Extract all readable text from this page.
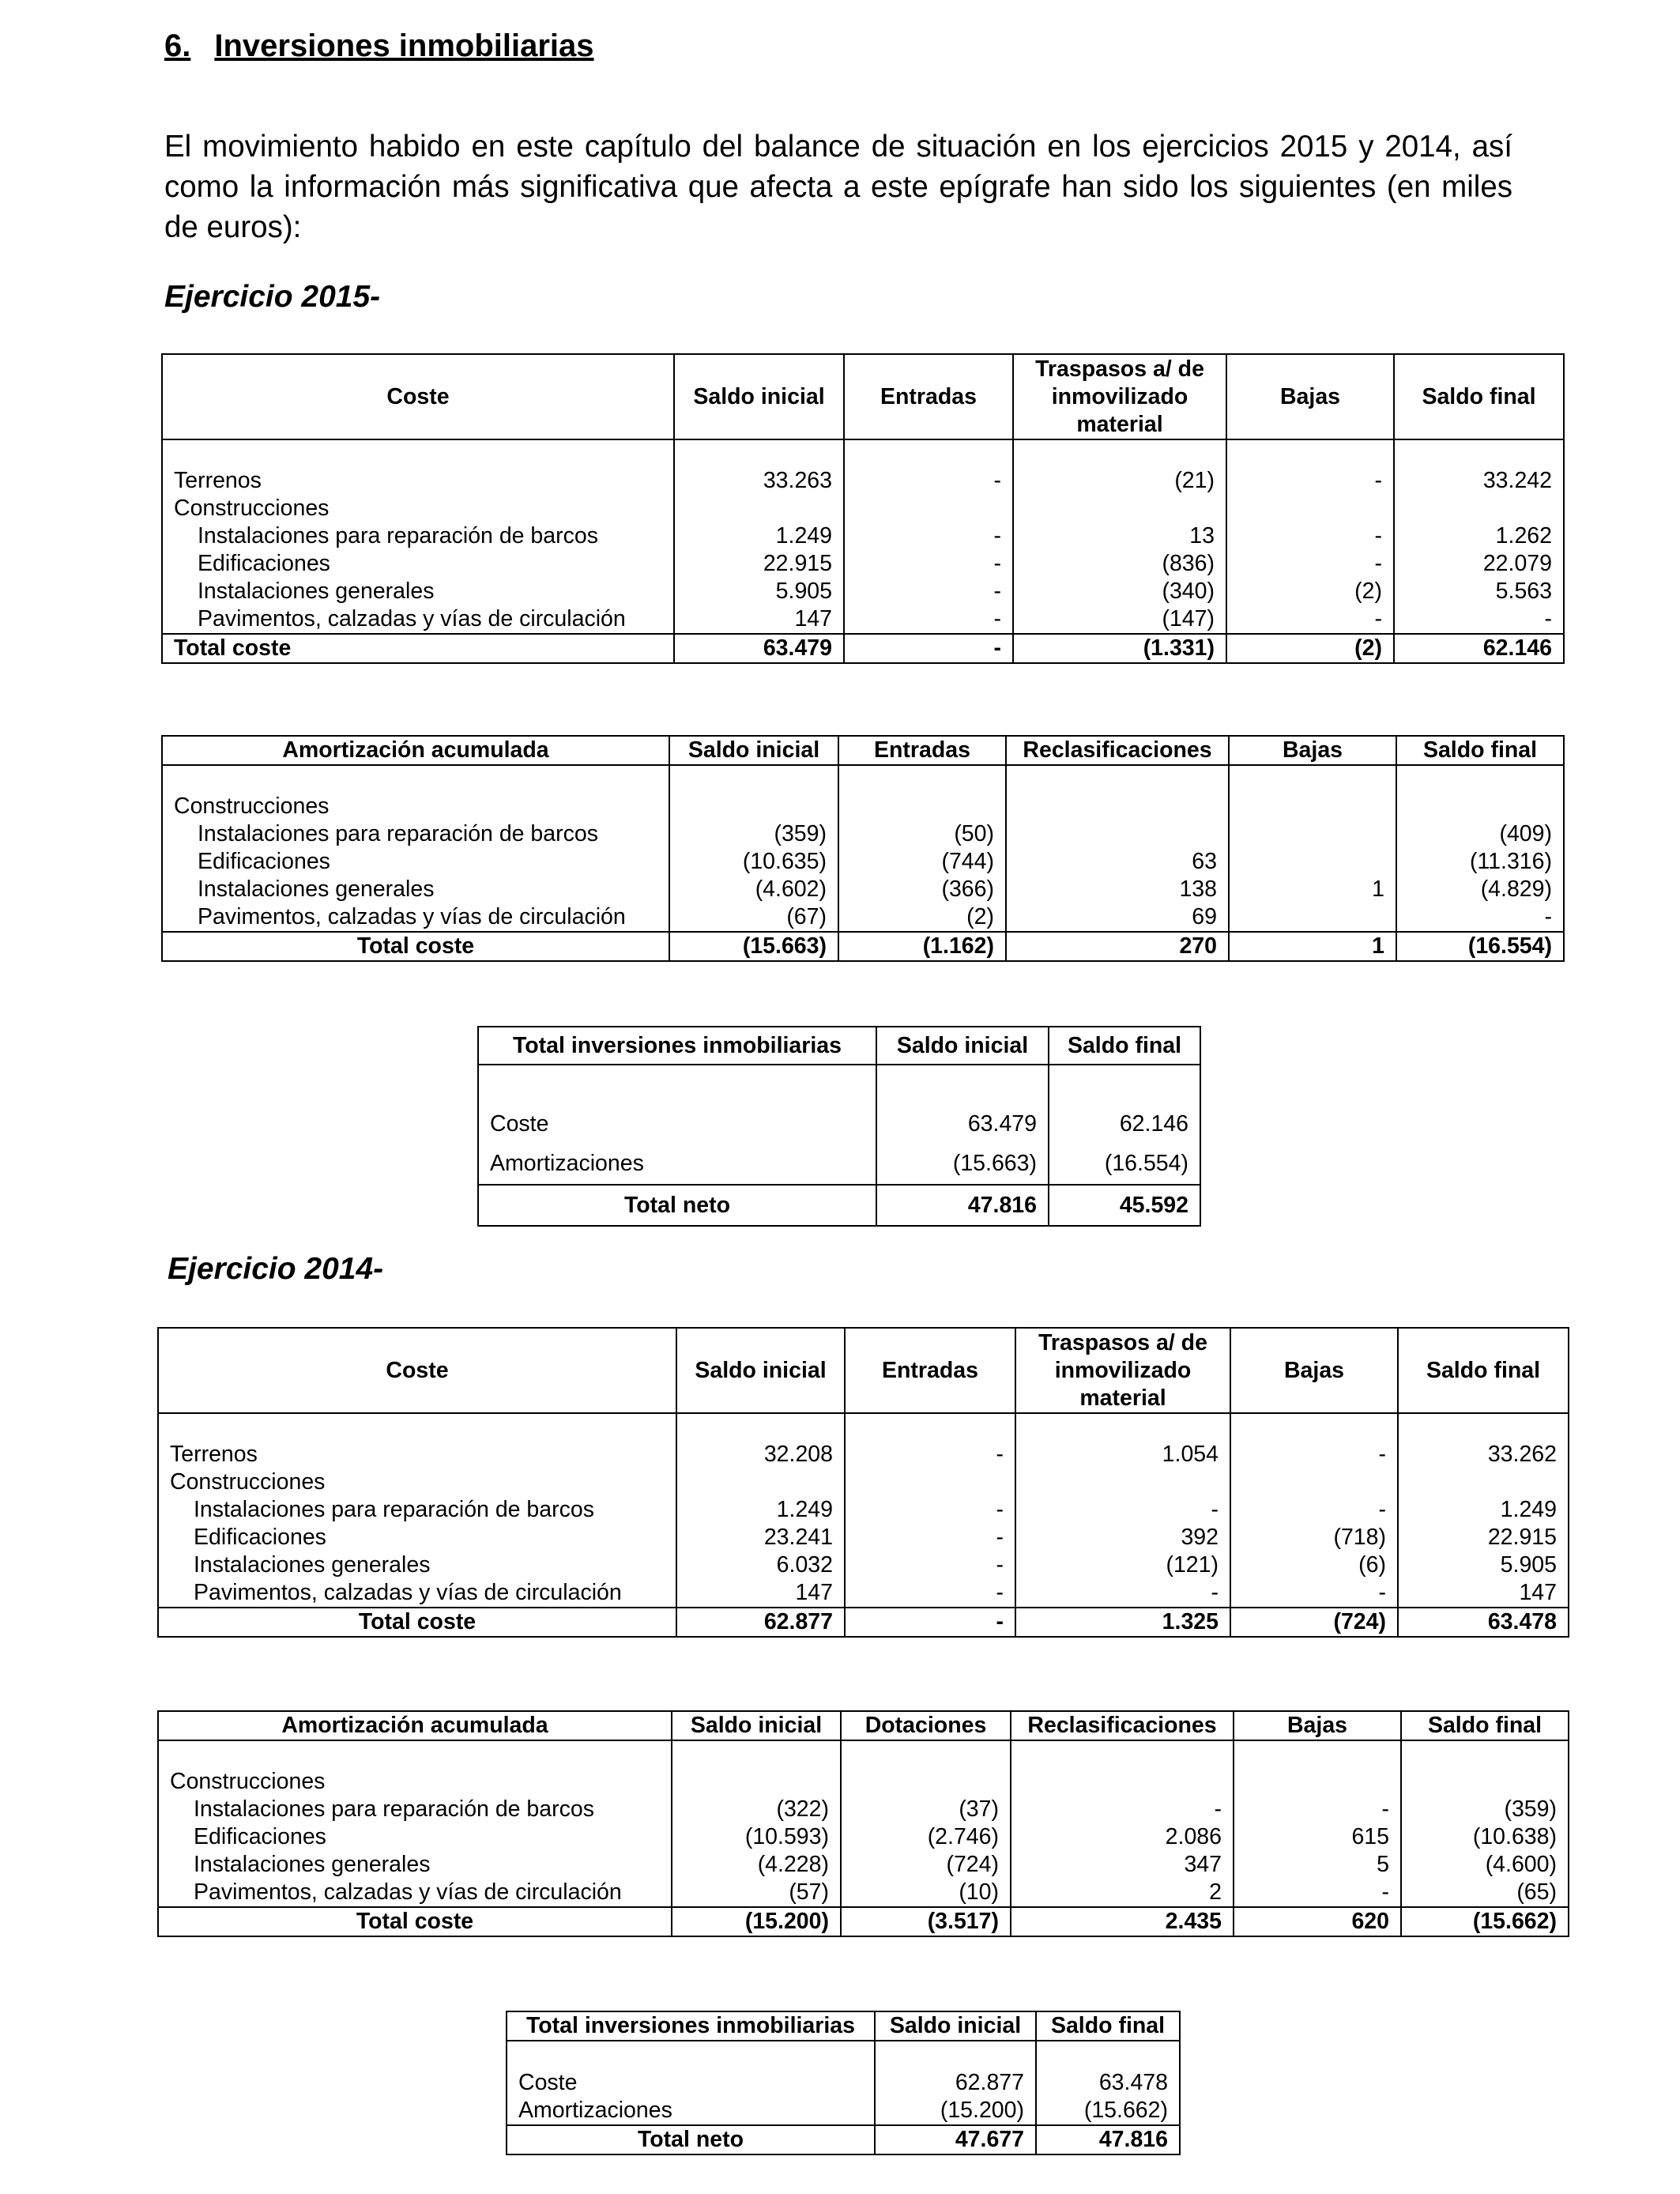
6. Inversiones inmobiliarias
El movimiento habido en este capítulo del balance de situación en los ejercicios 2015 y 2014, así como la información más significativa que afecta a este epígrafe han sido los siguientes (en miles de euros):
Ejercicio 2015-
Coste	Saldo inicial	Entradas	Traspasos a/ de inmovilizado material	Bajas	Saldo final

Terrenos	33.263	-	(21)	-	33.242
Construcciones					
Instalaciones para reparación de barcos	1.249	-	13	-	1.262
Edificaciones	22.915	-	(836)	-	22.079
Instalaciones generales	5.905	-	(340)	(2)	5.563
Pavimentos, calzadas y vías de circulación	147	-	(147)	-	-
Total coste	63.479	-	(1.331)	(2)	62.146
Amortización acumulada	Saldo inicial	Entradas	Reclasificaciones	Bajas	Saldo final

Construcciones					
Instalaciones para reparación de barcos	(359)	(50)			(409)
Edificaciones	(10.635)	(744)	63		(11.316)
Instalaciones generales	(4.602)	(366)	138	1	(4.829)
Pavimentos, calzadas y vías de circulación	(67)	(2)	69		-
Total coste	(15.663)	(1.162)	270	1	(16.554)
Total inversiones inmobiliarias	Saldo inicial	Saldo final

Coste	63.479	62.146
Amortizaciones	(15.663)	(16.554)
Total neto	47.816	45.592
Ejercicio 2014-
Coste	Saldo inicial	Entradas	Traspasos a/ de inmovilizado material	Bajas	Saldo final

Terrenos	32.208	-	1.054	-	33.262
Construcciones					
Instalaciones para reparación de barcos	1.249	-	-	-	1.249
Edificaciones	23.241	-	392	(718)	22.915
Instalaciones generales	6.032	-	(121)	(6)	5.905
Pavimentos, calzadas y vías de circulación	147	-	-	-	147
Total coste	62.877	-	1.325	(724)	63.478
Amortización acumulada	Saldo inicial	Dotaciones	Reclasificaciones	Bajas	Saldo final

Construcciones					
Instalaciones para reparación de barcos	(322)	(37)	-	-	(359)
Edificaciones	(10.593)	(2.746)	2.086	615	(10.638)
Instalaciones generales	(4.228)	(724)	347	5	(4.600)
Pavimentos, calzadas y vías de circulación	(57)	(10)	2	-	(65)
Total coste	(15.200)	(3.517)	2.435	620	(15.662)
Total inversiones inmobiliarias	Saldo inicial	Saldo final

Coste	62.877	63.478
Amortizaciones	(15.200)	(15.662)
Total neto	47.677	47.816
